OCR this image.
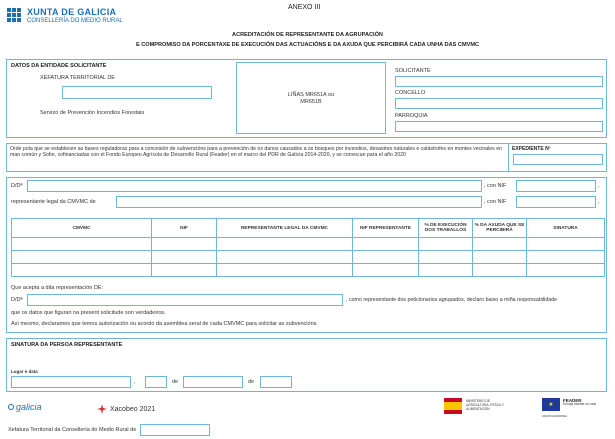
XUNTA DE GALICIA
CONSELLERÍA DO MEDIO RURAL
ANEXO III
ACREDITACIÓN DE REPRESENTANTE DA AGRUPACIÓN
E COMPROMISO DA PORCENTAXE DE EXECUCIÓN DAS ACTUACIÓNS E DA AXUDA QUE PERCIBIRÁ CADA UNHA DAS CMVMC
DATOS DA ENTIDADE SOLICITANTE
XEFATURA TERRITORIAL DE
Servizo de Prevención Incendios Forestais
LIÑAS MR651A ou
MR651B
SOLICITANTE
CONCELLO
PARROQUIA
Orde pola que se establecen as bases reguladoras para a concesión de subvencións para a prevención de os danos causados a os bosques por incendios, desastres naturales e catástrofes en montes vecinales en man común y Sofor, cofinanciadas con el Fondo Europeo Agrícola de Desarrollo Rural (Feader) en el marco del PDR de Galicia 2014-2020, y se convocan para el año 2020
EXPEDIENTE Nº
D/Dª	, con NIF	,
representante legal da CMVMC de	, con NIF	,
CMVMC	NIF	REPRESENTANTE LEGAL DA CMVMC	NIF REPRESENTANTE	% DE EXECUCIÓN DOS TRABALLOS	% DA AXUDA QUE SE PERCIBIRÁ	SINATURA

Que acepta a dita representación DE:
D/Dª	, como representante dos peticionarios agrupados, declaro baixo a miña responsabilidade
que os datos que figuran na present solicitude son verdadeiros.
Así mesmo, declaramos que temos autorización ou acordo da asemblea xeral de cada CMVMC para solicitar as subvencións.
SINATURA DA PERSOA REPRESENTANTE
Lugar e data
,	de	de
galicia	Xacobeo 2021
MINISTERIO DE AGRICULTURA, PESCA Y ALIMENTACIÓN
★
FEADER
Europa investe no rural
UNIÓN EUROPEA
Xefatura Territorial da Consellería do Medio Rural de
